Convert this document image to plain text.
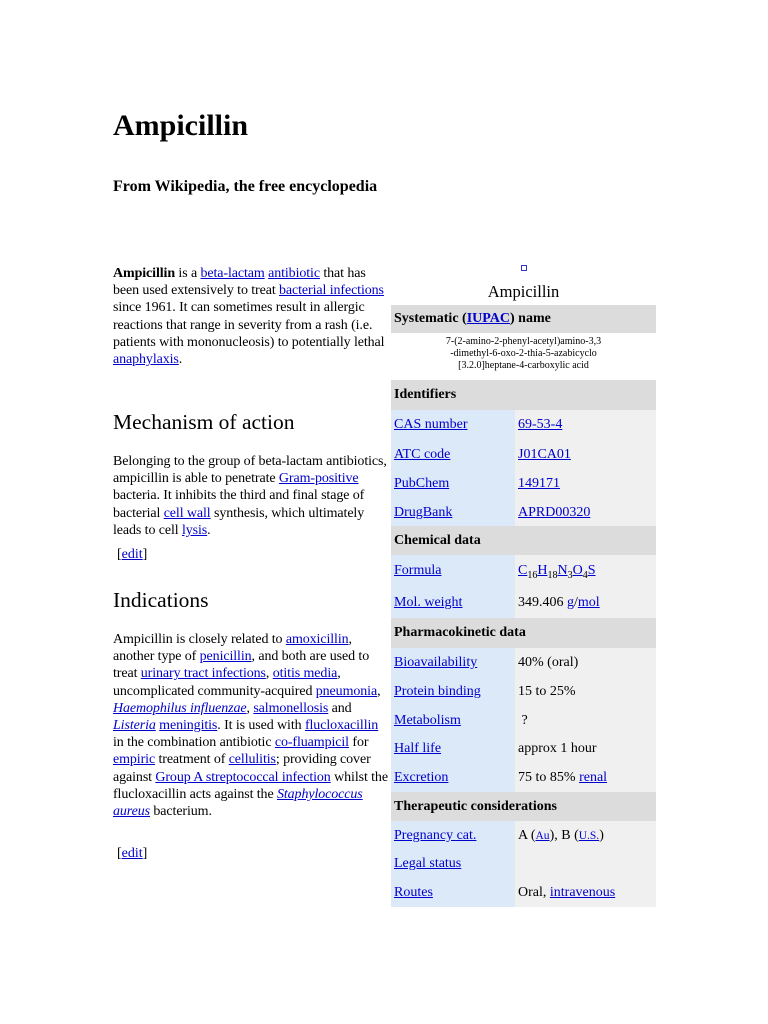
Ampicillin
From Wikipedia, the free encyclopedia
Ampicillin is a beta-lactam antibiotic that has been used extensively to treat bacterial infections since 1961. It can sometimes result in allergic reactions that range in severity from a rash (i.e. patients with mononucleosis) to potentially lethal anaphylaxis.
Mechanism of action
Belonging to the group of beta-lactam antibiotics, ampicillin is able to penetrate Gram-positive bacteria. It inhibits the third and final stage of bacterial cell wall synthesis, which ultimately leads to cell lysis.
[edit]
Indications
Ampicillin is closely related to amoxicillin, another type of penicillin, and both are used to treat urinary tract infections, otitis media, uncomplicated community-acquired pneumonia, Haemophilus influenzae, salmonellosis and Listeria meningitis. It is used with flucloxacillin in the combination antibiotic co-fluampicil for empiric treatment of cellulitis; providing cover against Group A streptococcal infection whilst the flucloxacillin acts against the Staphylococcus aureus bacterium.
[edit]
Ampicillin
Systematic (IUPAC) name
7-(2-amino-2-phenyl-acetyl)amino-3,3
-dimethyl-6-oxo-2-thia-5-azabicyclo
[3.2.0]heptane-4-carboxylic acid
Identifiers
CAS number	69-53-4
ATC code	J01CA01
PubChem	149171
DrugBank	APRD00320
Chemical data
Formula	$C_{16}H_{18}N_3O_4S$
Mol. weight	349.406 g/mol
Pharmacokinetic data
Bioavailability	40% (oral)
Protein binding	15 to 25%
Metabolism	?
Half life	approx 1 hour
Excretion	75 to 85% renal
Therapeutic considerations
Pregnancy cat.	A (Au), B (U.S.)
Legal status
Routes	Oral, intravenous
